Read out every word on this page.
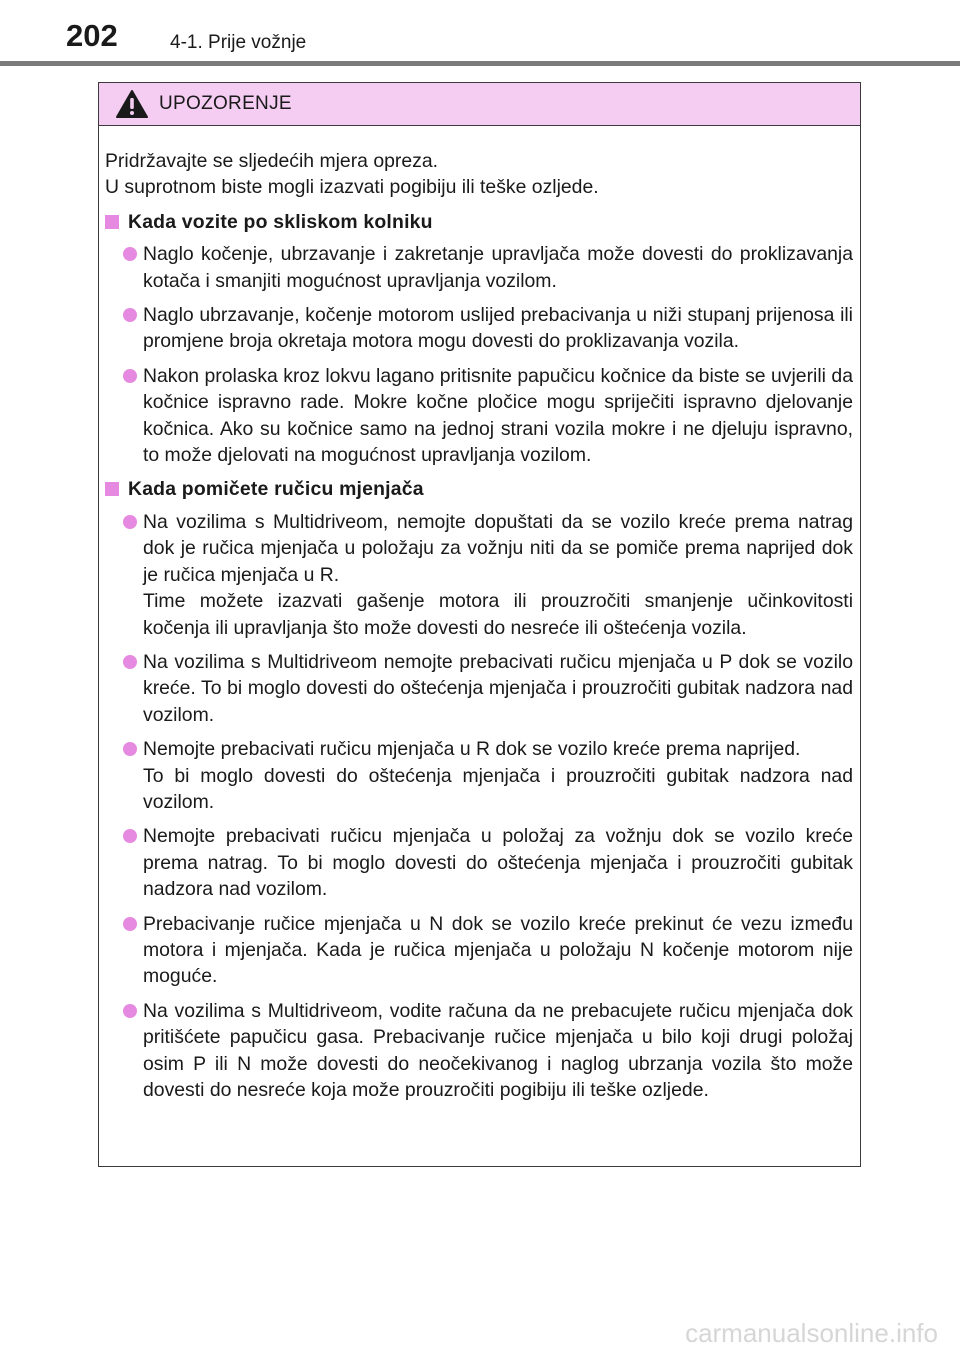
202	4-1. Prije vožnje
UPOZORENJE
Pridržavajte se sljedećih mjera opreza.
U suprotnom biste mogli izazvati pogibiju ili teške ozljede.
Kada vozite po skliskom kolniku
Naglo kočenje, ubrzavanje i zakretanje upravljača može dovesti do proklizavanja kotača i smanjiti mogućnost upravljanja vozilom.
Naglo ubrzavanje, kočenje motorom uslijed prebacivanja u niži stupanj prijenosa ili promjene broja okretaja motora mogu dovesti do proklizavanja vozila.
Nakon prolaska kroz lokvu lagano pritisnite papučicu kočnice da biste se uvjerili da kočnice ispravno rade. Mokre kočne pločice mogu spriječiti ispravno djelovanje kočnica. Ako su kočnice samo na jednoj strani vozila mokre i ne djeluju ispravno, to može djelovati na mogućnost upravljanja vozilom.
Kada pomičete ručicu mjenjača
Na vozilima s Multidriveom, nemojte dopuštati da se vozilo kreće prema natrag dok je ručica mjenjača u položaju za vožnju niti da se pomiče prema naprijed dok je ručica mjenjača u R.
Time možete izazvati gašenje motora ili prouzročiti smanjenje učinkovitosti kočenja ili upravljanja što može dovesti do nesreće ili oštećenja vozila.
Na vozilima s Multidriveom nemojte prebacivati ručicu mjenjača u P dok se vozilo kreće. To bi moglo dovesti do oštećenja mjenjača i prouzročiti gubitak nadzora nad vozilom.
Nemojte prebacivati ručicu mjenjača u R dok se vozilo kreće prema naprijed.
To bi moglo dovesti do oštećenja mjenjača i prouzročiti gubitak nadzora nad vozilom.
Nemojte prebacivati ručicu mjenjača u položaj za vožnju dok se vozilo kreće prema natrag. To bi moglo dovesti do oštećenja mjenjača i prouzročiti gubitak nadzora nad vozilom.
Prebacivanje ručice mjenjača u N dok se vozilo kreće prekinut će vezu između motora i mjenjača. Kada je ručica mjenjača u položaju N kočenje motorom nije moguće.
Na vozilima s Multidriveom, vodite računa da ne prebacujete ručicu mjenjača dok pritišćete papučicu gasa. Prebacivanje ručice mjenjača u bilo koji drugi položaj osim P ili N može dovesti do neočekivanog i naglog ubrzanja vozila što može dovesti do nesreće koja može prouzročiti pogibiju ili teške ozljede.
carmanualsonline.info
